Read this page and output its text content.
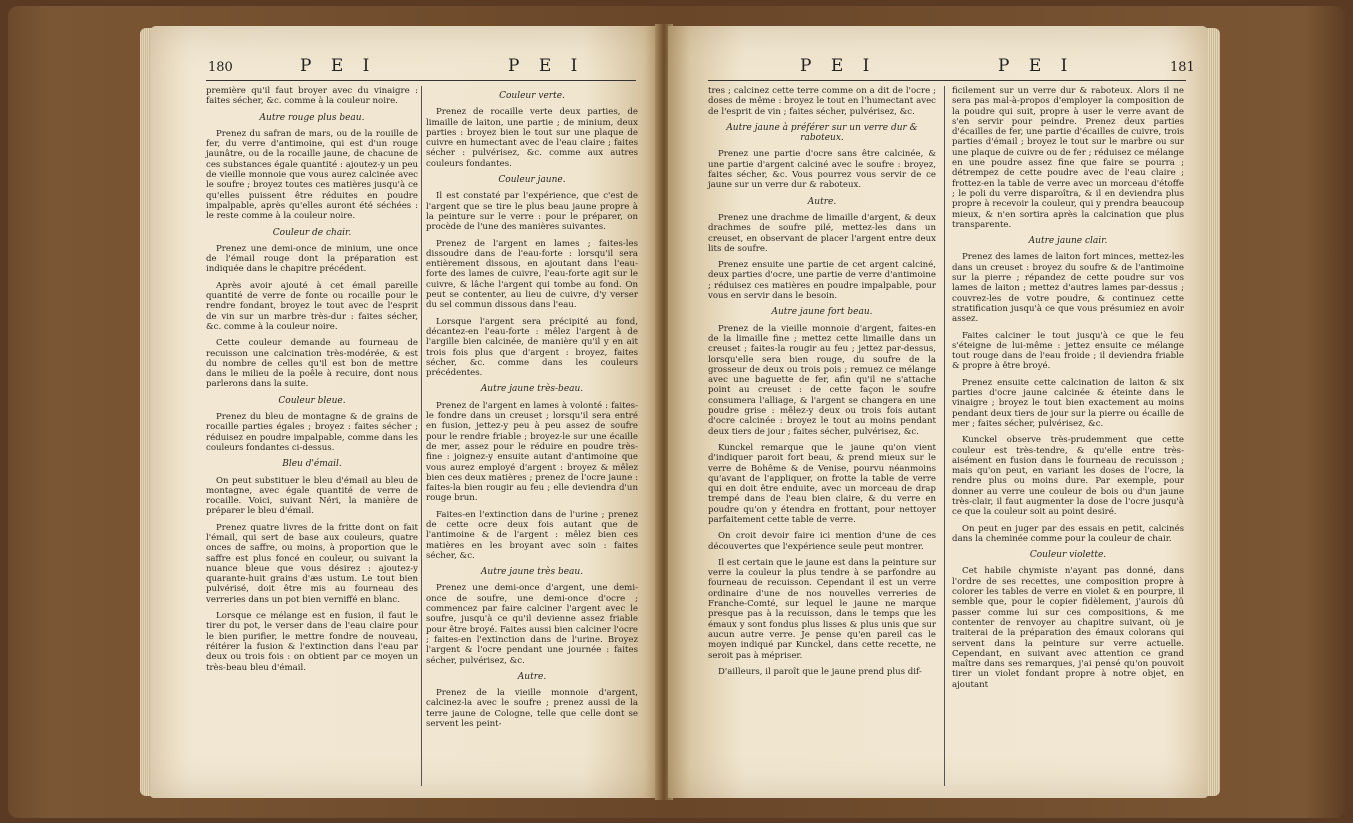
180	P E I	P E I

première qu'il faut broyer avec du vinaigre : faites sécher, &c. comme à la couleur noire.

Autre rouge plus beau.

Prenez du safran de mars, ou de la rouille de fer, du verre d'antimoine, qui est d'un rouge jaunâtre, ou de la rocaille jaune, de chacune de ces substances égale quantité : ajoutez-y un peu de vieille monnoie que vous aurez calcinée avec le soufre ; broyez toutes ces matières jusqu'à ce qu'elles puissent être réduites en poudre impalpable, après qu'elles auront été séchées : le reste comme à la couleur noire.

Couleur de chair.

Prenez une demi-once de minium, une once de l'émail rouge dont la préparation est indiquée dans le chapitre précédent.

Après avoir ajouté à cet émail pareille quantité de verre de fonte ou rocaille pour le rendre fondant, broyez le tout avec de l'esprit de vin sur un marbre très-dur : faites sécher, &c. comme à la couleur noire.

Cette couleur demande au fourneau de recuisson une calcination très-modérée, & est du nombre de celles qu'il est bon de mettre dans le milieu de la poêle à recuire, dont nous parlerons dans la suite.

Couleur bleue.

Prenez du bleu de montagne & de grains de rocaille parties égales ; broyez : faites sécher ; réduisez en poudre impalpable, comme dans les couleurs fondantes ci-dessus.

Bleu d'émail.

On peut substituer le bleu d'émail au bleu de montagne, avec égale quantité de verre de rocaille. Voici, suivant Néri, la manière de préparer le bleu d'émail.

Prenez quatre livres de la fritte dont on fait l'émail, qui sert de base aux couleurs, quatre onces de saffre, ou moins, à proportion que le saffre est plus foncé en couleur, ou suivant la nuance bleue que vous désirez : ajoutez-y quarante-huit grains d'æs ustum. Le tout bien pulvérisé, doit être mis au fourneau des verreries dans un pot bien verniffé en blanc.

Lorsque ce mélange est en fusion, il faut le tirer du pot, le verser dans de l'eau claire pour le bien purifier, le mettre fondre de nouveau, réitérer la fusion & l'extinction dans l'eau par deux ou trois fois : on obtient par ce moyen un très-beau bleu d'émail.

Couleur verte.

Prenez de rocaille verte deux parties, de limaille de laiton, une partie ; de minium, deux parties : broyez bien le tout sur une plaque de cuivre en humectant avec de l'eau claire ; faites sécher : pulvérisez, &c. comme aux autres couleurs fondantes.

Couleur jaune.

Il est constaté par l'expérience, que c'est de l'argent que se tire le plus beau jaune propre à la peinture sur le verre : pour le préparer, on procède de l'une des manières suivantes.

Prenez de l'argent en lames ; faites-les dissoudre dans de l'eau-forte : lorsqu'il sera entièrement dissous, en ajoutant dans l'eau-forte des lames de cuivre, l'eau-forte agit sur le cuivre, & lâche l'argent qui tombe au fond. On peut se contenter, au lieu de cuivre, d'y verser du sel commun dissous dans l'eau.

Lorsque l'argent sera précipité au fond, décantez-en l'eau-forte : mêlez l'argent à de l'argille bien calcinée, de manière qu'il y en ait trois fois plus que d'argent : broyez, faites sécher, &c. comme dans les couleurs précédentes.

Autre jaune très-beau.

Prenez de l'argent en lames à volonté : faites-le fondre dans un creuset ; lorsqu'il sera entré en fusion, jettez-y peu à peu assez de soufre pour le rendre friable ; broyez-le sur une écaille de mer, assez pour le réduire en poudre très-fine : joignez-y ensuite autant d'antimoine que vous aurez employé d'argent : broyez & mêlez bien ces deux matières ; prenez de l'ocre jaune : faites-la bien rougir au feu ; elle deviendra d'un rouge brun.

Faites-en l'extinction dans de l'urine ; prenez de cette ocre deux fois autant que de l'antimoine & de l'argent : mêlez bien ces matières en les broyant avec soin : faites sécher, &c.

Autre jaune très beau.

Prenez une demi-once d'argent, une demi-once de soufre, une demi-once d'ocre ; commencez par faire calciner l'argent avec le soufre, jusqu'à ce qu'il devienne assez friable pour être broyé. Faites aussi bien calciner l'ocre ; faites-en l'extinction dans de l'urine. Broyez l'argent & l'ocre pendant une journée : faites sécher, pulvérisez, &c.

Autre.

Prenez de la vieille monnoie d'argent, calcinez-la avec le soufre ; prenez aussi de la terre jaune de Cologne, telle que celle dont se servent les peint-

P E I	P E I	181

tres ; calcinez cette terre comme on a dit de l'ocre ; doses de même : broyez le tout en l'humectant avec de l'esprit de vin ; faites sécher, pulvérisez, &c.

Autre jaune à préférer sur un verre dur & raboteux.

Prenez une partie d'ocre sans être calcinée, & une partie d'argent calciné avec le soufre : broyez, faites sécher, &c. Vous pourrez vous servir de ce jaune sur un verre dur & raboteux.

Autre.

Prenez une drachme de limaille d'argent, & deux drachmes de soufre pilé, mettez-les dans un creuset, en observant de placer l'argent entre deux lits de soufre.

Prenez ensuite une partie de cet argent calciné, deux parties d'ocre, une partie de verre d'antimoine ; réduisez ces matières en poudre impalpable, pour vous en servir dans le besoin.

Autre jaune fort beau.

Prenez de la vieille monnoie d'argent, faites-en de la limaille fine ; mettez cette limaille dans un creuset ; faites-la rougir au feu ; jettez par-dessus, lorsqu'elle sera bien rouge, du soufre de la grosseur de deux ou trois pois ; remuez ce mélange avec une baguette de fer, afin qu'il ne s'attache point au creuset : de cette façon le soufre consumera l'alliage, & l'argent se changera en une poudre grise : mêlez-y deux ou trois fois autant d'ocre calcinée : broyez le tout au moins pendant deux tiers de jour ; faites sécher, pulvérisez, &c.

Kunckel remarque que le jaune qu'on vient d'indiquer paroit fort beau, & prend mieux sur le verre de Bohême & de Venise, pourvu néanmoins qu'avant de l'appliquer, on frotte la table de verre qui en doit être enduite, avec un morceau de drap trempé dans de l'eau bien claire, & du verre en poudre qu'on y étendra en frottant, pour nettoyer parfaitement cette table de verre.

On croit devoir faire ici mention d'une de ces découvertes que l'expérience seule peut montrer.

Il est certain que le jaune est dans la peinture sur verre la couleur la plus tendre à se parfondre au fourneau de recuisson. Cependant il est un verre ordinaire d'une de nos nouvelles verreries de Franche-Comté, sur lequel le jaune ne marque presque pas à la recuisson, dans le temps que les émaux y sont fondus plus lisses & plus unis que sur aucun autre verre. Je pense qu'en pareil cas le moyen indiqué par Kunckel, dans cette recette, ne seroit pas à mépriser.

D'ailleurs, il paroît que le jaune prend plus dif-

ficilement sur un verre dur & raboteux. Alors il ne sera pas mal-à-propos d'employer la composition de la poudre qui suit, propre à user le verre avant de s'en servir pour peindre. Prenez deux parties d'écailles de fer, une partie d'écailles de cuivre, trois parties d'émail ; broyez le tout sur le marbre ou sur une plaque de cuivre ou de fer ; réduisez ce mélange en une poudre assez fine que faire se pourra ; détrempez de cette poudre avec de l'eau claire ; frottez-en la table de verre avec un morceau d'étoffe ; le poli du verre disparoîtra, & il en deviendra plus propre à recevoir la couleur, qui y prendra beaucoup mieux, & n'en sortira après la calcination que plus transparente.

Autre jaune clair.

Prenez des lames de laiton fort minces, mettez-les dans un creuset : broyez du soufre & de l'antimoine sur la pierre ; répandez de cette poudre sur vos lames de laiton ; mettez d'autres lames par-dessus ; couvrez-les de votre poudre, & continuez cette stratification jusqu'à ce que vous présumiez en avoir assez.

Faites calciner le tout jusqu'à ce que le feu s'éteigne de lui-même : jettez ensuite ce mélange tout rouge dans de l'eau froide ; il deviendra friable & propre à être broyé.

Prenez ensuite cette calcination de laiton & six parties d'ocre jaune calcinée & éteinte dans le vinaigre ; broyez le tout bien exactement au moins pendant deux tiers de jour sur la pierre ou écaille de mer ; faites sécher, pulvérisez, &c.

Kunckel observe très-prudemment que cette couleur est très-tendre, & qu'elle entre très-aisément en fusion dans le fourneau de recuisson ; mais qu'on peut, en variant les doses de l'ocre, la rendre plus ou moins dure. Par exemple, pour donner au verre une couleur de bois ou d'un jaune très-clair, il faut augmenter la dose de l'ocre jusqu'à ce que la couleur soit au point desiré.

On peut en juger par des essais en petit, calcinés dans la cheminée comme pour la couleur de chair.

Couleur violette.

Cet habile chymiste n'ayant pas donné, dans l'ordre de ses recettes, une composition propre à colorer les tables de verre en violet & en pourpre, il semble que, pour le copier fidèlement, j'aurois dû passer comme lui sur ces compositions, & me contenter de renvoyer au chapitre suivant, où je traiterai de la préparation des émaux colorans qui servent dans la peinture sur verre actuelle. Cependant, en suivant avec attention ce grand maître dans ses remarques, j'ai pensé qu'on pouvoit tirer un violet fondant propre à notre objet, en ajoutant
